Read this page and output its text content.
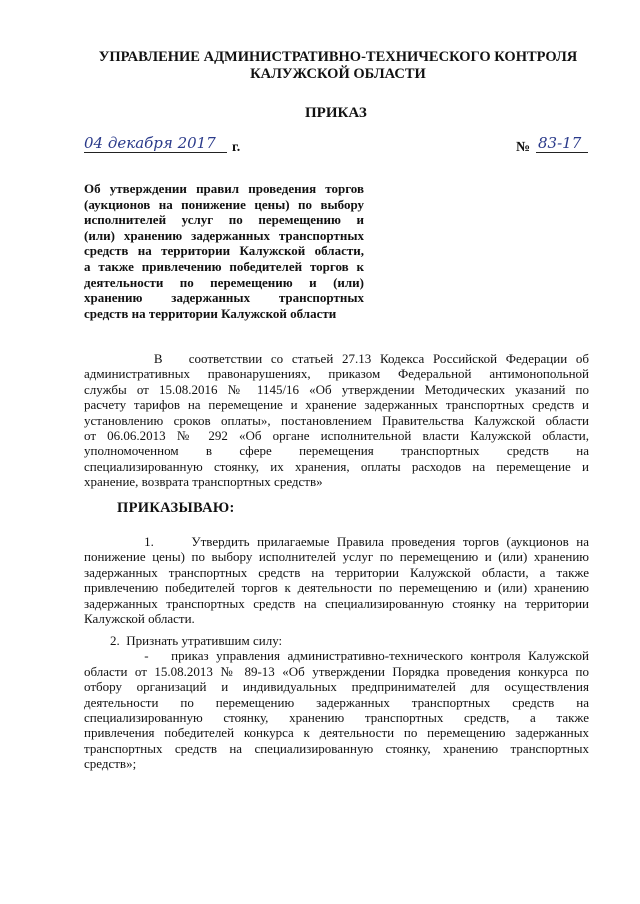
УПРАВЛЕНИЕ АДМИНИСТРАТИВНО-ТЕХНИЧЕСКОГО КОНТРОЛЯ
КАЛУЖСКОЙ ОБЛАСТИ
ПРИКАЗ
04 декабря 2017 г.	№ 83-17
Об утверждении правил проведения торгов
(аукционов на понижение цены) по выбору
исполнителей услуг по перемещению и
(или) хранению задержанных транспортных
средств на территории Калужской области,
а также привлечению победителей торгов к
деятельности по перемещению и (или)
хранению задержанных транспортных
средств на территории Калужской области
В   соответствии со статьей 27.13 Кодекса Российской Федерации об
административных правонарушениях, приказом Федеральной антимонопольной
службы от 15.08.2016 № 1145/16 «Об утверждении Методических указаний по
расчету тарифов на перемещение и хранение задержанных транспортных средств и
установлению сроков оплаты», постановлением Правительства Калужской области
от 06.06.2013 № 292 «Об органе исполнительной власти Калужской области,
уполномоченном в сфере перемещения транспортных средств на
специализированную стоянку, их хранения, оплаты расходов на перемещение и
хранение, возврата транспортных средств»
ПРИКАЗЫВАЮ:
1.     Утвердить прилагаемые Правила проведения торгов (аукционов на
понижение цены) по выбору исполнителей услуг по перемещению и (или) хранению
задержанных транспортных средств на территории Калужской области, а также
привлечению победителей торгов к деятельности по перемещению и (или) хранению
задержанных транспортных средств на специализированную стоянку на территории
Калужской области.
2.  Признать утратившим силу:
-   приказ управления административно-технического контроля Калужской
области от 15.08.2013 № 89-13 «Об утверждении Порядка проведения конкурса по
отбору организаций и индивидуальных предпринимателей для осуществления
деятельности по перемещению задержанных транспортных средств на
специализированную стоянку, хранению транспортных средств, а также
привлечения победителей конкурса к деятельности по перемещению задержанных
транспортных средств на специализированную стоянку, хранению транспортных
средств»;
